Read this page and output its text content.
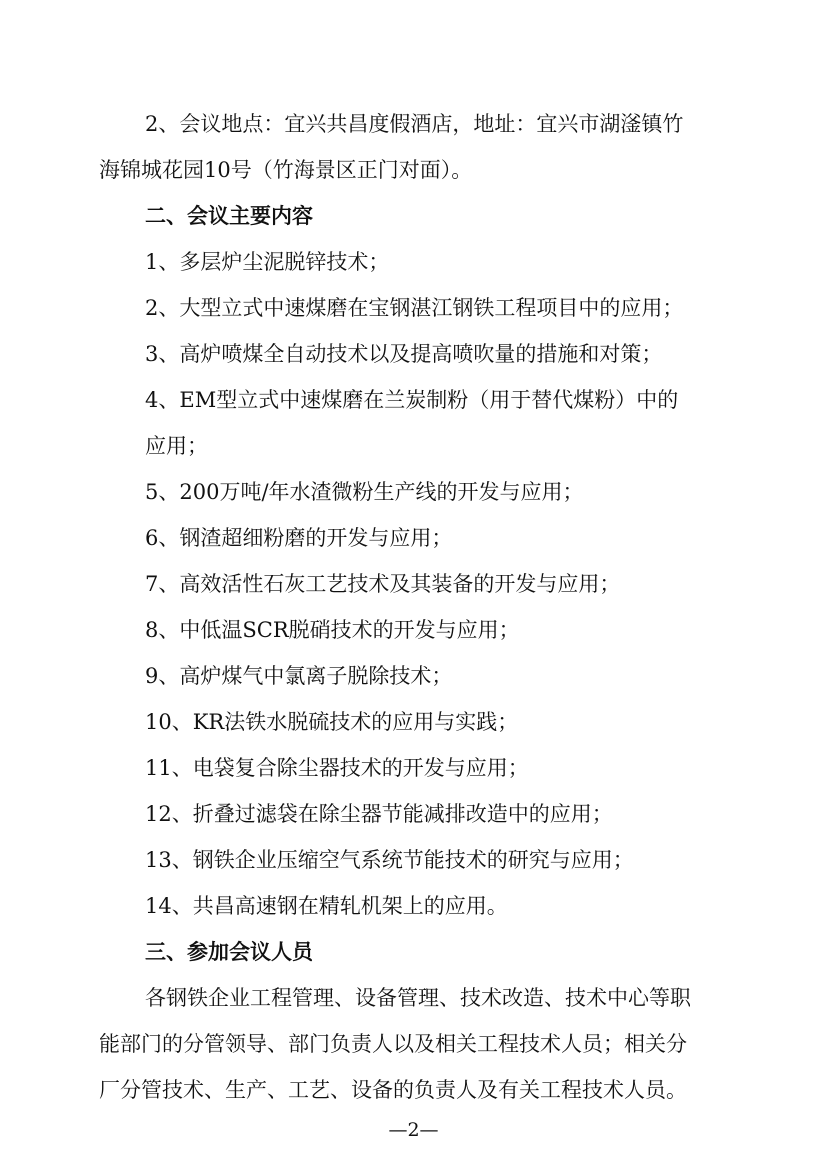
2、会议地点：宜兴共昌度假酒店，地址：宜兴市湖滏镇竹
海锦城花园10号（竹海景区正门对面）。
二、会议主要内容
1、多层炉尘泥脱锌技术；
2、大型立式中速煤磨在宝钢湛江钢铁工程项目中的应用；
3、高炉喷煤全自动技术以及提高喷吹量的措施和对策；
4、EM型立式中速煤磨在兰炭制粉（用于替代煤粉）中的
应用；
5、200万吨/年水渣微粉生产线的开发与应用；
6、钢渣超细粉磨的开发与应用；
7、高效活性石灰工艺技术及其装备的开发与应用；
8、中低温SCR脱硝技术的开发与应用；
9、高炉煤气中氯离子脱除技术；
10、KR法铁水脱硫技术的应用与实践；
11、电袋复合除尘器技术的开发与应用；
12、折叠过滤袋在除尘器节能减排改造中的应用；
13、钢铁企业压缩空气系统节能技术的研究与应用；
14、共昌高速钢在精轧机架上的应用。
三、参加会议人员
各钢铁企业工程管理、设备管理、技术改造、技术中心等职
能部门的分管领导、部门负责人以及相关工程技术人员；相关分
厂分管技术、生产、工艺、设备的负责人及有关工程技术人员。
—2—
